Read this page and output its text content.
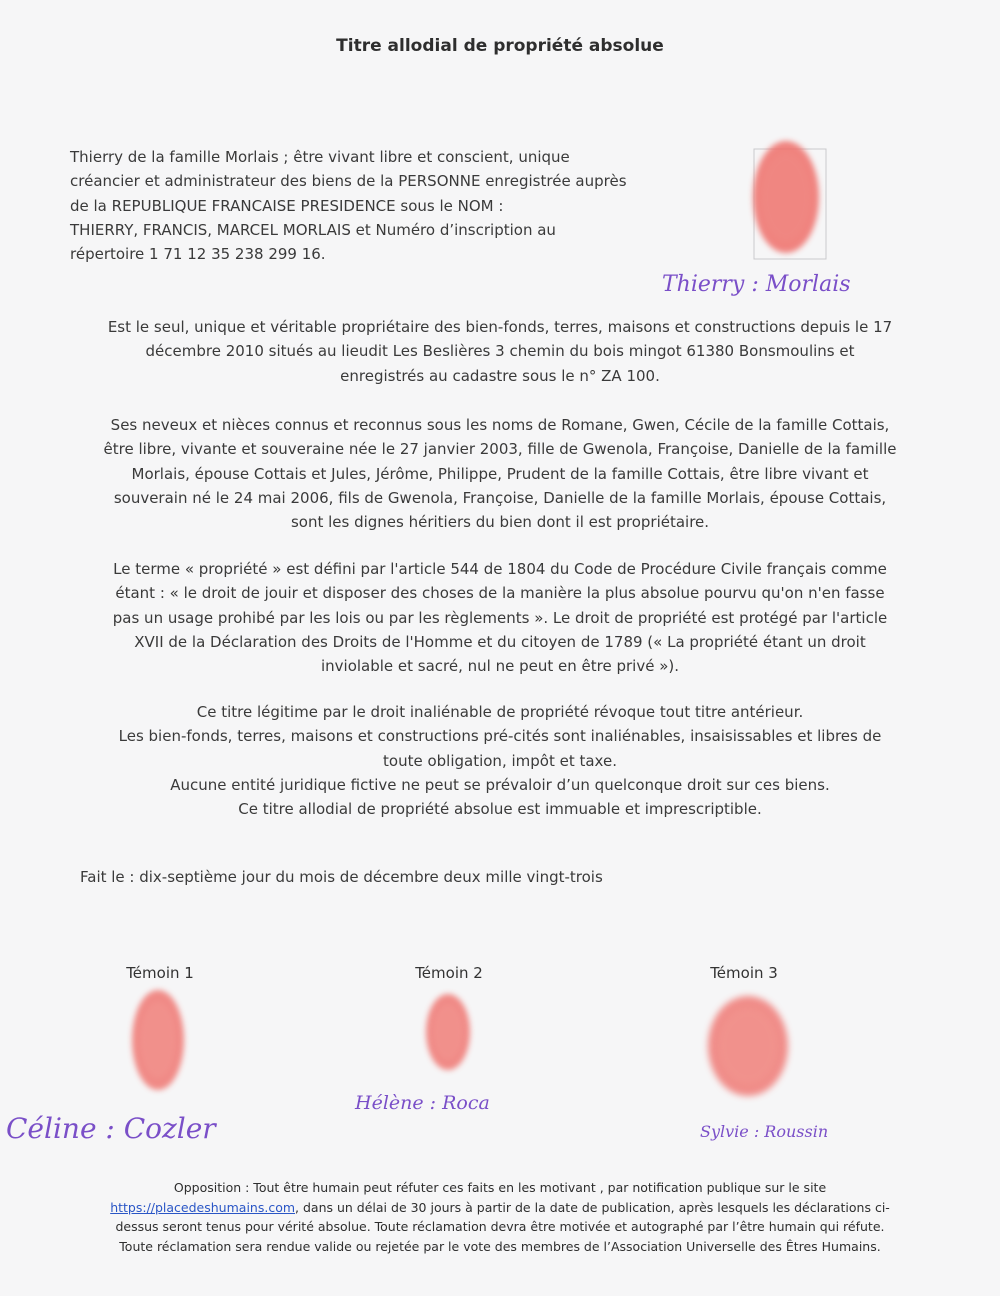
Titre allodial de propriété absolue
Thierry de la famille Morlais ; être vivant libre et conscient, unique
créancier et administrateur des biens de la PERSONNE enregistrée auprès
de la REPUBLIQUE FRANCAISE PRESIDENCE sous le NOM :
THIERRY, FRANCIS, MARCEL MORLAIS et Numéro d’inscription au
répertoire 1 71 12 35 238 299 16.
Thierry : Morlais
Est le seul, unique et véritable propriétaire des bien-fonds, terres, maisons et constructions depuis le 17
décembre 2010 situés au lieudit Les Beslières 3 chemin du bois mingot 61380 Bonsmoulins et
enregistrés au cadastre sous le n° ZA 100.
Ses neveux et nièces connus et reconnus sous les noms de Romane, Gwen, Cécile de la famille Cottais,
être libre, vivante et souveraine née le 27 janvier 2003, fille de Gwenola, Françoise, Danielle de la famille
Morlais, épouse Cottais et Jules, Jérôme, Philippe, Prudent de la famille Cottais, être libre vivant et
souverain né le 24 mai 2006, fils de Gwenola, Françoise, Danielle de la famille Morlais, épouse Cottais,
sont les dignes héritiers du bien dont il est propriétaire.
Le terme « propriété » est défini par l'article 544 de 1804 du Code de Procédure Civile français comme
étant : « le droit de jouir et disposer des choses de la manière la plus absolue pourvu qu'on n'en fasse
pas un usage prohibé par les lois ou par les règlements ». Le droit de propriété est protégé par l'article
XVII de la Déclaration des Droits de l'Homme et du citoyen de 1789 (« La propriété étant un droit
inviolable et sacré, nul ne peut en être privé »).
Ce titre légitime par le droit inaliénable de propriété révoque tout titre antérieur.
Les bien-fonds, terres, maisons et constructions pré-cités sont inaliénables, insaisissables et libres de
toute obligation, impôt et taxe.
Aucune entité juridique fictive ne peut se prévaloir d’un quelconque droit sur ces biens.
Ce titre allodial de propriété absolue est immuable et imprescriptible.
Fait le : dix-septième jour du mois de décembre deux mille vingt-trois
Témoin 1	Témoin 2	Témoin 3
Céline : Cozler
Hélène : Roca
Sylvie : Roussin
Opposition : Tout être humain peut réfuter ces faits en les motivant , par notification publique sur le site
https://placedeshumains.com, dans un délai de 30 jours à partir de la date de publication, après lesquels les déclarations ci-
dessus seront tenus pour vérité absolue. Toute réclamation devra être motivée et autographé par l’être humain qui réfute.
Toute réclamation sera rendue valide ou rejetée par le vote des membres de l’Association Universelle des Êtres Humains.
